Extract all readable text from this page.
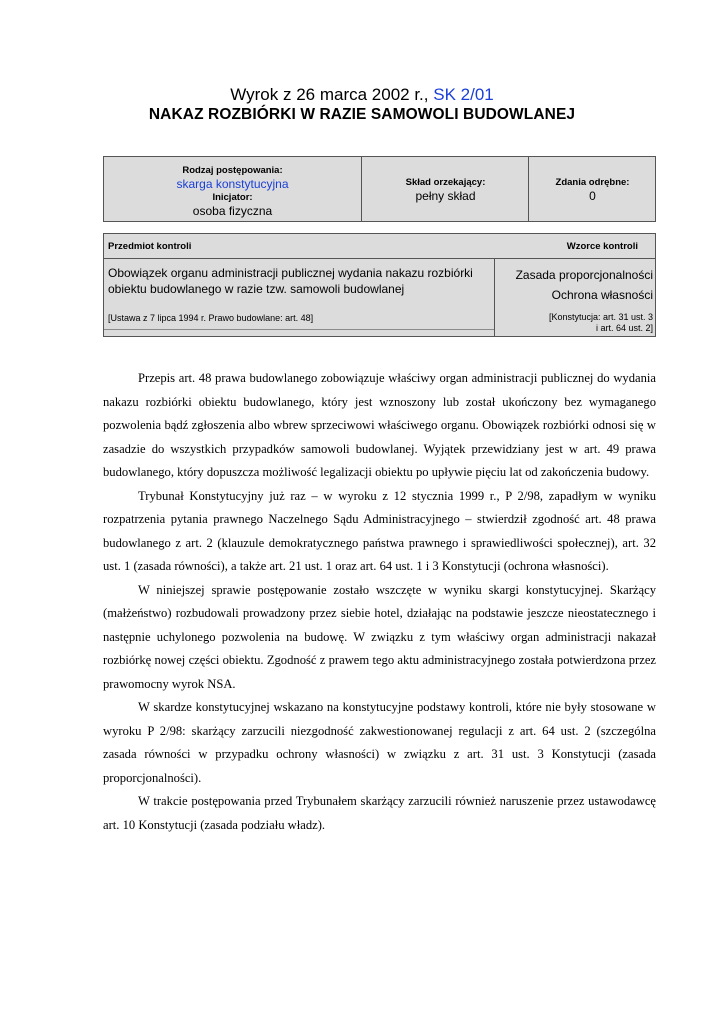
Wyrok z 26 marca 2002 r., SK 2/01
NAKAZ ROZBIÓRKI W RAZIE SAMOWOLI BUDOWLANEJ
Rodzaj postępowania:
skarga konstytucyjna
Inicjator:
osoba fizyczna
Skład orzekający:
pełny skład
Zdania odrębne:
0
Przedmiot kontroli	Wzorce kontroli
Obowiązek organu administracji publicznej wydania nakazu rozbiórki obiektu budowlanego w razie tzw. samowoli budowlanej
[Ustawa z 7 lipca 1994 r. Prawo budowlane: art. 48]
Zasada proporcjonalności
Ochrona własności
[Konstytucja: art. 31 ust. 3
i art. 64 ust. 2]

Przepis art. 48 prawa budowlanego zobowiązuje właściwy organ administracji publicznej do wydania nakazu rozbiórki obiektu budowlanego, który jest wznoszony lub został ukończony bez wymaganego pozwolenia bądź zgłoszenia albo wbrew sprzeciwowi właściwego organu. Obowiązek rozbiórki odnosi się w zasadzie do wszystkich przypadków samowoli budowlanej. Wyjątek przewidziany jest w art. 49 prawa budowlanego, który dopuszcza możliwość legalizacji obiektu po upływie pięciu lat od zakończenia budowy.

Trybunał Konstytucyjny już raz – w wyroku z 12 stycznia 1999 r., P 2/98, zapadłym w wyniku rozpatrzenia pytania prawnego Naczelnego Sądu Administracyjnego – stwierdził zgodność art. 48 prawa budowlanego z art. 2 (klauzule demokratycznego państwa prawnego i sprawiedliwości społecznej), art. 32 ust. 1 (zasada równości), a także art. 21 ust. 1 oraz art. 64 ust. 1 i 3 Konstytucji (ochrona własności).

W niniejszej sprawie postępowanie zostało wszczęte w wyniku skargi konstytucyjnej. Skarżący (małżeństwo) rozbudowali prowadzony przez siebie hotel, działając na podstawie jeszcze nieostatecznego i następnie uchylonego pozwolenia na budowę. W związku z tym właściwy organ administracji nakazał rozbiórkę nowej części obiektu. Zgodność z prawem tego aktu administracyjnego została potwierdzona przez prawomocny wyrok NSA.

W skardze konstytucyjnej wskazano na konstytucyjne podstawy kontroli, które nie były stosowane w wyroku P 2/98: skarżący zarzucili niezgodność zakwestionowanej regulacji z art. 64 ust. 2 (szczególna zasada równości w przypadku ochrony własności) w związku z art. 31 ust. 3 Konstytucji (zasada proporcjonalności).

W trakcie postępowania przed Trybunałem skarżący zarzucili również naruszenie przez ustawodawcę art. 10 Konstytucji (zasada podziału władz).
